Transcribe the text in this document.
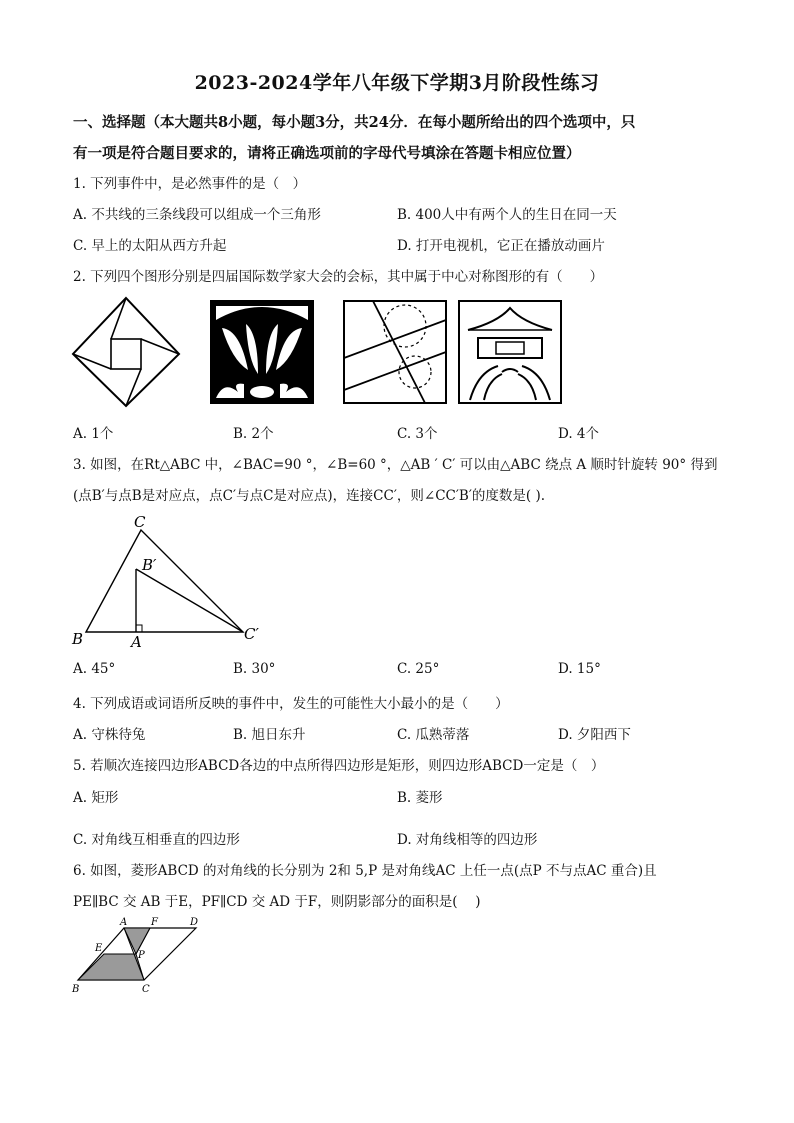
2023-2024学年八年级下学期3月阶段性练习
一、选择题（本大题共8小题，每小题3分，共24分．在每小题所给出的四个选项中，只
有一项是符合题目要求的，请将正确选项前的字母代号填涂在答题卡相应位置）
1. 下列事件中，是必然事件的是（　）
A. 不共线的三条线段可以组成一个三角形	B. 400人中有两个人的生日在同一天
C. 早上的太阳从西方升起	D. 打开电视机，它正在播放动画片
2. 下列四个图形分别是四届国际数学家大会的会标，其中属于中心对称图形的有（　　）
A. 1个	B. 2个	C. 3个	D. 4个
3. 如图，在Rt△ABC 中，∠BAC=90 °，∠B=60 °，△AB ′ C′ 可以由△ABC 绕点 A 顺时针旋转 90° 得到
(点B′与点B是对应点，点C′与点C是对应点)，连接CC′，则∠CC′B′的度数是( ).
C
B′
B	A	C′
A. 45°	B. 30°	C. 25°	D. 15°
4. 下列成语或词语所反映的事件中，发生的可能性大小最小的是（　　）
A. 守株待兔	B. 旭日东升	C. 瓜熟蒂落	D. 夕阳西下
5. 若顺次连接四边形ABCD各边的中点所得四边形是矩形，则四边形ABCD一定是（　）
A. 矩形	B. 菱形
C. 对角线互相垂直的四边形	D. 对角线相等的四边形
6. 如图，菱形ABCD 的对角线的长分别为 2和 5,P 是对角线AC 上任一点(点P 不与点AC 重合)且
PE∥BC 交 AB 于E，PF∥CD 交 AD 于F，则阴影部分的面积是(　 )
A F	D
E
P
B	C
